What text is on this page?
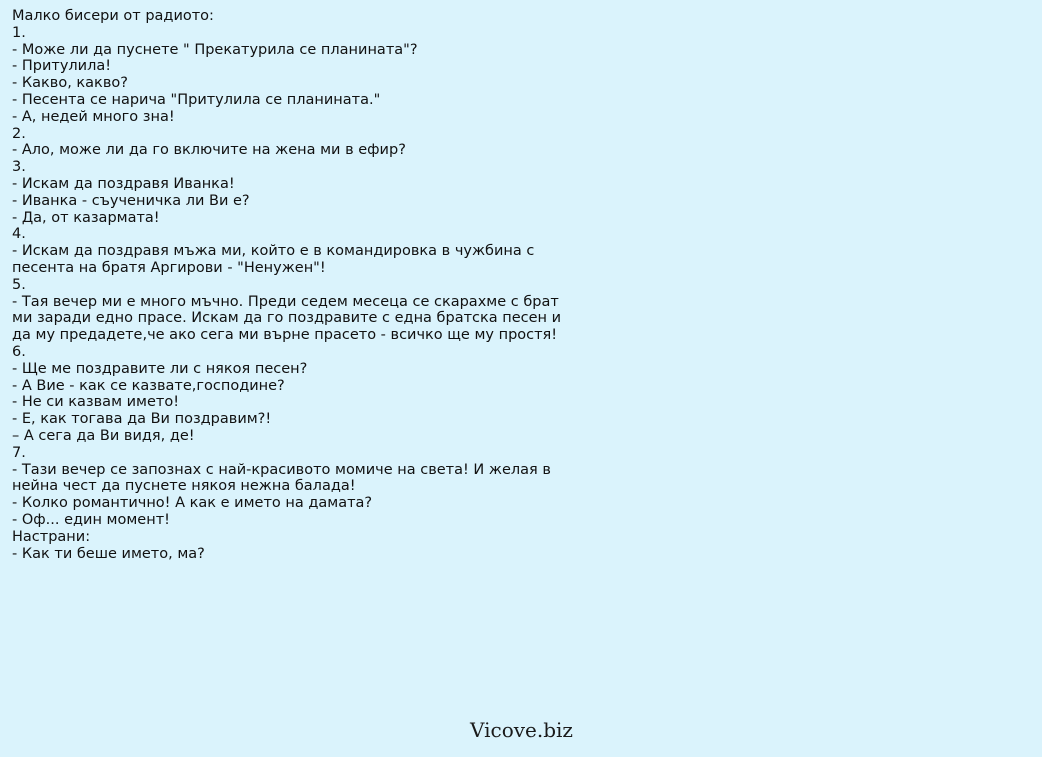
Малко бисери от радиото:
1.
- Може ли да пуснете " Прекатурила се планината"?
- Притулила!
- Какво, какво?
- Песента се нарича "Притулила се планината."
- А, недей много зна!
2.
- Ало, може ли да го включите на жена ми в ефир?
3.
- Искам да поздравя Иванка!
- Иванка - съученичка ли Ви е?
- Да, от казармата!
4.
- Искам да поздравя мъжа ми, който е в командировка в чужбина с
песента на братя Аргирови - "Ненужен"!
5.
- Тая вечер ми е много мъчно. Преди седем месеца се скарахме с брат
ми заради едно прасе. Искам да го поздравите с една братска песен и
да му предадете,че ако сега ми върне прасето - всичко ще му простя!
6.
- Ще ме поздравите ли с някоя песен?
- А Вие - как се казвате,господине?
- Не си казвам името!
- Е, как тогава да Ви поздравим?!
– А сега да Ви видя, де!
7.
- Тази вечер се запознах с най-красивото момиче на света! И желая в
нейна чест да пуснете някоя нежна балада!
- Колко романтично! А как е името на дамата?
- Оф... един момент!
Настрани:
- Как ти беше името, ма?
Vicove.biz
